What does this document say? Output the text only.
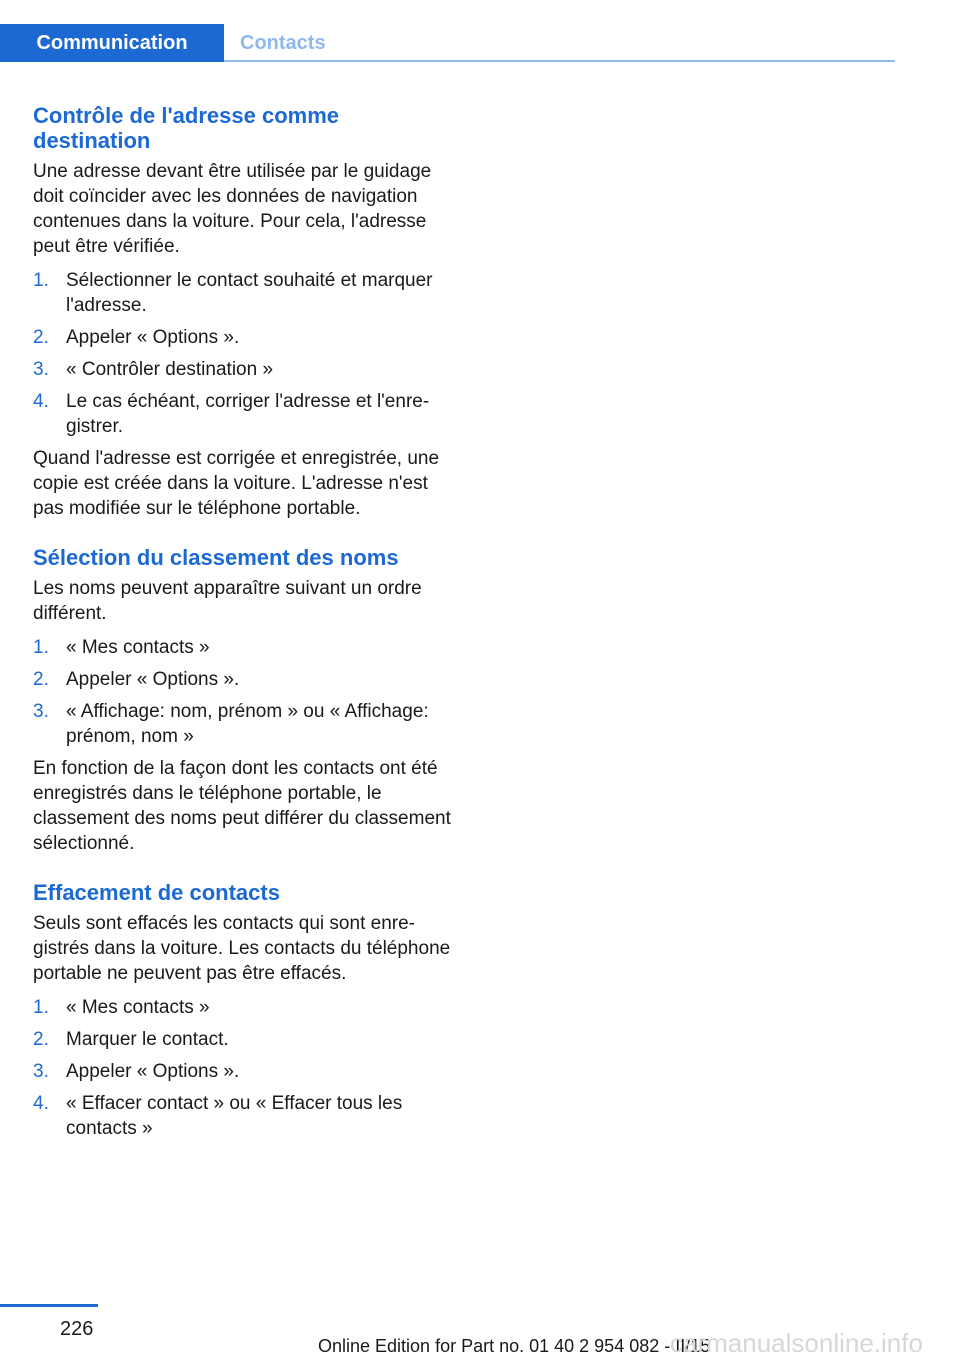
Communication	Contacts
Contrôle de l'adresse comme destination

Une adresse devant être utilisée par le guidage doit coïncider avec les données de navigation contenues dans la voiture. Pour cela, l'adresse peut être vérifiée.

1. Sélectionner le contact souhaité et marquer l'adresse.
2. Appeler « Options ».
3. « Contrôler destination »
4. Le cas échéant, corriger l'adresse et l'enregistrer.

Quand l'adresse est corrigée et enregistrée, une copie est créée dans la voiture. L'adresse n'est pas modifiée sur le téléphone portable.

Sélection du classement des noms

Les noms peuvent apparaître suivant un ordre différent.

1. « Mes contacts »
2. Appeler « Options ».
3. « Affichage: nom, prénom » ou « Affichage: prénom, nom »

En fonction de la façon dont les contacts ont été enregistrés dans le téléphone portable, le classement des noms peut différer du classement sélectionné.

Effacement de contacts

Seuls sont effacés les contacts qui sont enregistrés dans la voiture. Les contacts du téléphone portable ne peuvent pas être effacés.

1. « Mes contacts »
2. Marquer le contact.
3. Appeler « Options ».
4. « Effacer contact » ou « Effacer tous les contacts »
226
Online Edition for Part no. 01 40 2 954 082 - II/15
carmanualsonline.info
